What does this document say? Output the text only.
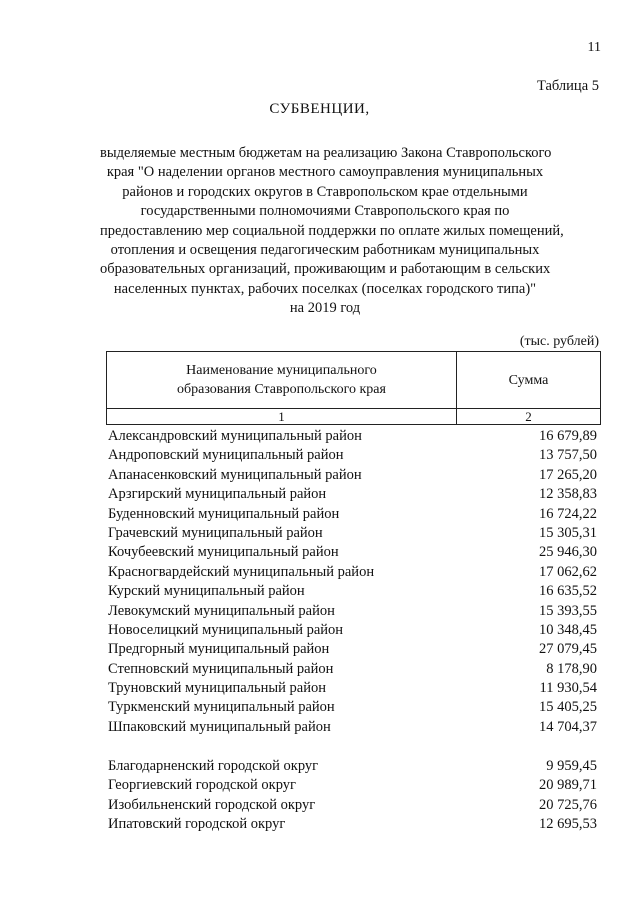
11
Таблица 5
СУБВЕНЦИИ,
выделяемые местным бюджетам на реализацию Закона Ставропольского
края "О наделении органов местного самоуправления муниципальных
районов и городских округов в Ставропольском крае отдельными
государственными полномочиями Ставропольского края по
предоставлению мер социальной поддержки по оплате жилых помещений,
отопления и освещения педагогическим работникам муниципальных
образовательных организаций, проживающим и работающим в сельских
населенных пунктах, рабочих поселках (поселках городского типа)"
на 2019 год
(тыс. рублей)
Наименование муниципального
образования Ставропольского края	Сумма
1	2
Александровский муниципальный район	16 679,89
Андроповский муниципальный район	13 757,50
Апанасенковский муниципальный район	17 265,20
Арзгирский муниципальный район	12 358,83
Буденновский муниципальный район	16 724,22
Грачевский муниципальный район	15 305,31
Кочубеевский муниципальный район	25 946,30
Красногвардейский муниципальный район	17 062,62
Курский муниципальный район	16 635,52
Левокумский муниципальный район	15 393,55
Новоселицкий муниципальный район	10 348,45
Предгорный муниципальный район	27 079,45
Степновский муниципальный район	8 178,90
Труновский муниципальный район	11 930,54
Туркменский муниципальный район	15 405,25
Шпаковский муниципальный район	14 704,37
Благодарненский городской округ	9 959,45
Георгиевский городской округ	20 989,71
Изобильненский городской округ	20 725,76
Ипатовский городской округ	12 695,53
